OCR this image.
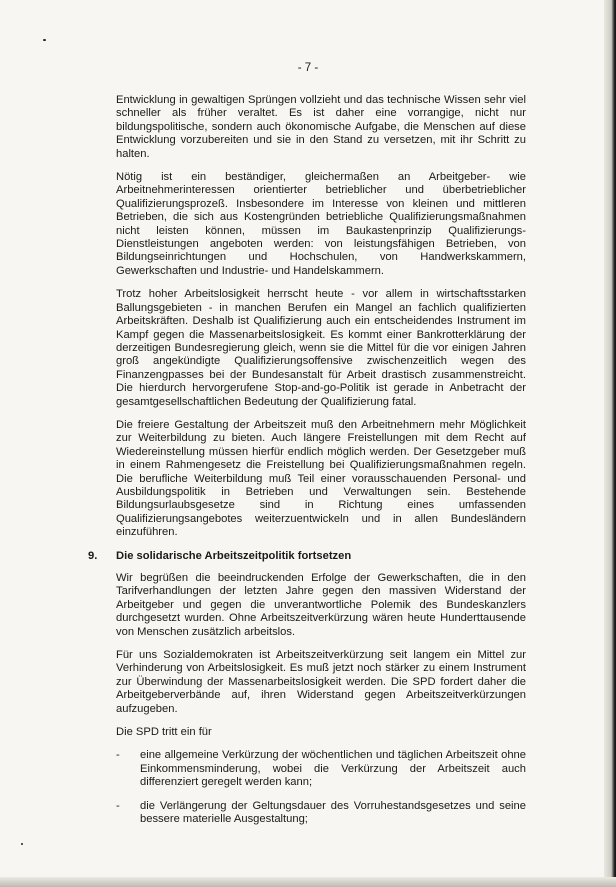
- 7 -

Entwicklung in gewaltigen Sprüngen vollzieht und das technische Wissen sehr viel schneller als früher veraltet. Es ist daher eine vorrangige, nicht nur bildungspolitische, sondern auch ökonomische Aufgabe, die Menschen auf diese Entwicklung vorzubereiten und sie in den Stand zu versetzen, mit ihr Schritt zu halten.

Nötig ist ein beständiger, gleichermaßen an Arbeitgeber- wie Arbeitnehmerinteressen orientierter betrieblicher und überbetrieblicher Qualifizierungsprozeß. Insbesondere im Interesse von kleinen und mittleren Betrieben, die sich aus Kostengründen betriebliche Qualifizierungsmaßnahmen nicht leisten können, müssen im Baukastenprinzip Qualifizierungs-Dienstleistungen angeboten werden: von leistungsfähigen Betrieben, von Bildungseinrichtungen und Hochschulen, von Handwerkskammern, Gewerkschaften und Industrie- und Handelskammern.

Trotz hoher Arbeitslosigkeit herrscht heute - vor allem in wirtschaftsstarken Ballungsgebieten - in manchen Berufen ein Mangel an fachlich qualifizierten Arbeitskräften. Deshalb ist Qualifizierung auch ein entscheidendes Instrument im Kampf gegen die Massenarbeitslosigkeit. Es kommt einer Bankrotterklärung der derzeitigen Bundesregierung gleich, wenn sie die Mittel für die vor einigen Jahren groß angekündigte Qualifizierungsoffensive zwischenzeitlich wegen des Finanzengpasses bei der Bundesanstalt für Arbeit drastisch zusammenstreicht. Die hierdurch hervorgerufene Stop-and-go-Politik ist gerade in Anbetracht der gesamtgesellschaftlichen Bedeutung der Qualifizierung fatal.

Die freiere Gestaltung der Arbeitszeit muß den Arbeitnehmern mehr Möglichkeit zur Weiterbildung zu bieten. Auch längere Freistellungen mit dem Recht auf Wiedereinstellung müssen hierfür endlich möglich werden. Der Gesetzgeber muß in einem Rahmengesetz die Freistellung bei Qualifizierungsmaßnahmen regeln. Die berufliche Weiterbildung muß Teil einer vorausschauenden Personal- und Ausbildungspolitik in Betrieben und Verwaltungen sein. Bestehende Bildungsurlaubsgesetze sind in Richtung eines umfassenden Qualifizierungsangebotes weiterzuentwickeln und in allen Bundesländern einzuführen.

9. Die solidarische Arbeitszeitpolitik fortsetzen

Wir begrüßen die beeindruckenden Erfolge der Gewerkschaften, die in den Tarifverhandlungen der letzten Jahre gegen den massiven Widerstand der Arbeitgeber und gegen die unverantwortliche Polemik des Bundeskanzlers durchgesetzt wurden. Ohne Arbeitszeitverkürzung wären heute Hunderttausende von Menschen zusätzlich arbeitslos.

Für uns Sozialdemokraten ist Arbeitszeitverkürzung seit langem ein Mittel zur Verhinderung von Arbeitslosigkeit. Es muß jetzt noch stärker zu einem Instrument zur Überwindung der Massenarbeitslosigkeit werden. Die SPD fordert daher die Arbeitgeberverbände auf, ihren Widerstand gegen Arbeitszeitverkürzungen aufzugeben.

Die SPD tritt ein für

- eine allgemeine Verkürzung der wöchentlichen und täglichen Arbeitszeit ohne Einkommensminderung, wobei die Verkürzung der Arbeitszeit auch differenziert geregelt werden kann;
- die Verlängerung der Geltungsdauer des Vorruhestandsgesetzes und seine bessere materielle Ausgestaltung;
